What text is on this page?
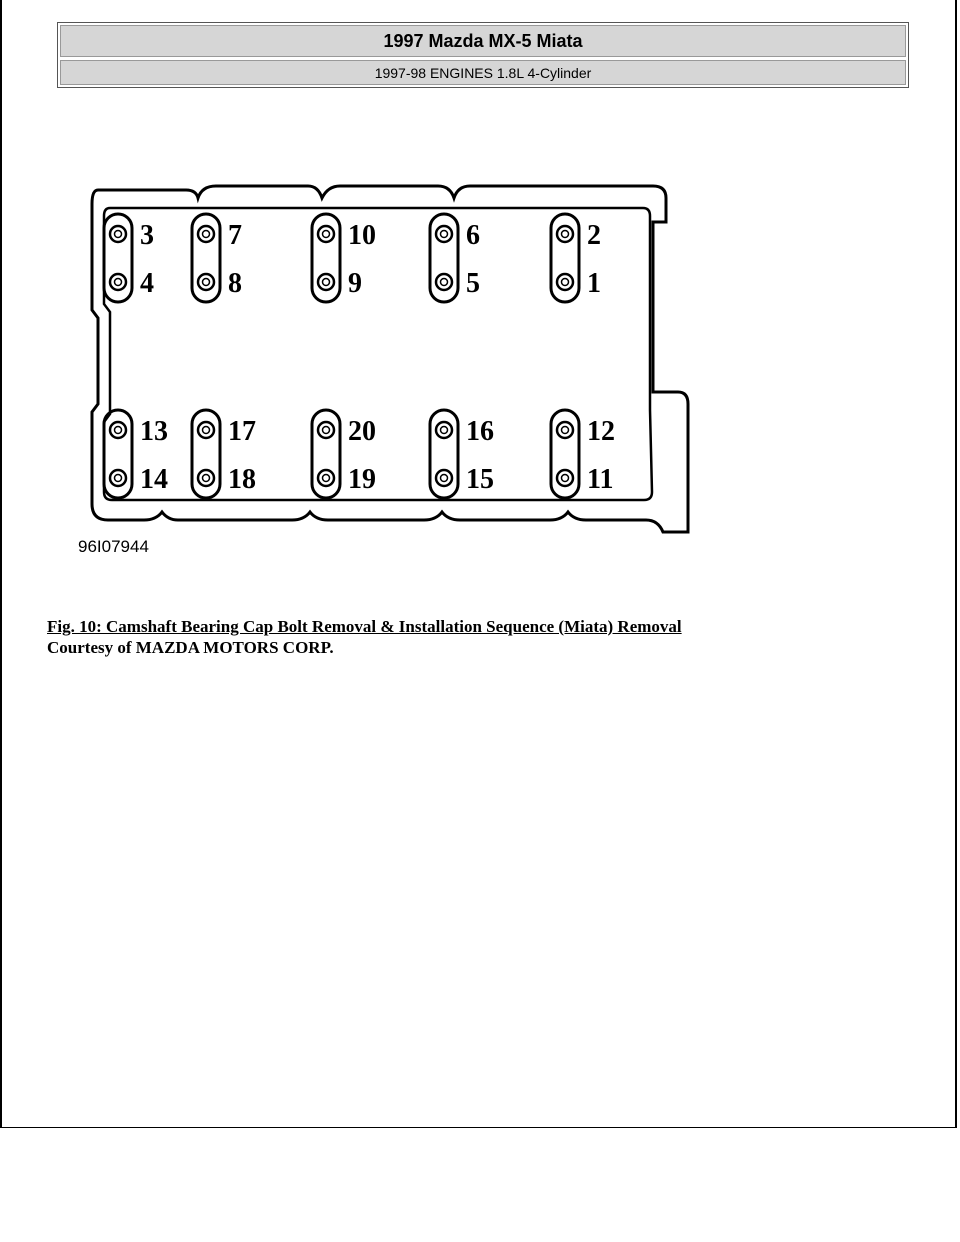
1997 Mazda MX-5 Miata
1997-98 ENGINES 1.8L 4-Cylinder
3	7	10	6	2
4	8	9	5	1
13 17	20	16	12
14 18	19	15	11
96I07944
Fig. 10: Camshaft Bearing Cap Bolt Removal & Installation Sequence (Miata) Removal
Courtesy of MAZDA MOTORS CORP.
